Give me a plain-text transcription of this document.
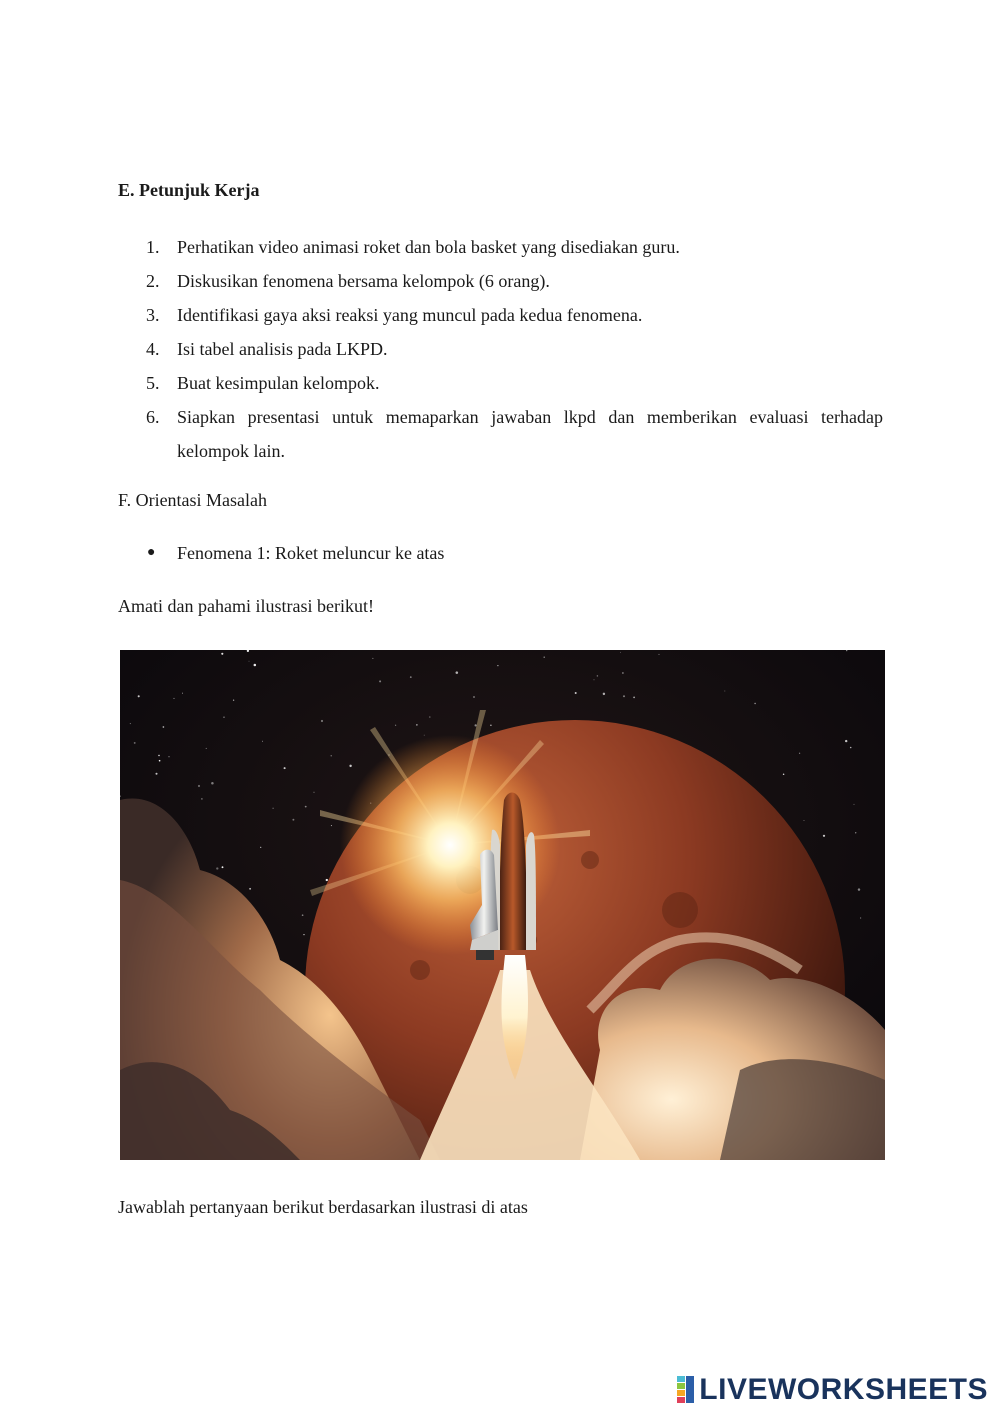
E. Petunjuk Kerja
1. Perhatikan video animasi roket dan bola basket yang disediakan guru.
2. Diskusikan fenomena bersama kelompok (6 orang).
3. Identifikasi gaya aksi reaksi yang muncul pada kedua fenomena.
4. Isi tabel analisis pada LKPD.
5. Buat kesimpulan kelompok.
6. Siapkan presentasi untuk memaparkan jawaban lkpd dan memberikan evaluasi terhadap kelompok lain.
F. Orientasi Masalah
● Fenomena 1: Roket meluncur ke atas

Amati dan pahami ilustrasi berikut!

Jawablah pertanyaan berikut berdasarkan ilustrasi di atas

LIVEWORKSHEETS
